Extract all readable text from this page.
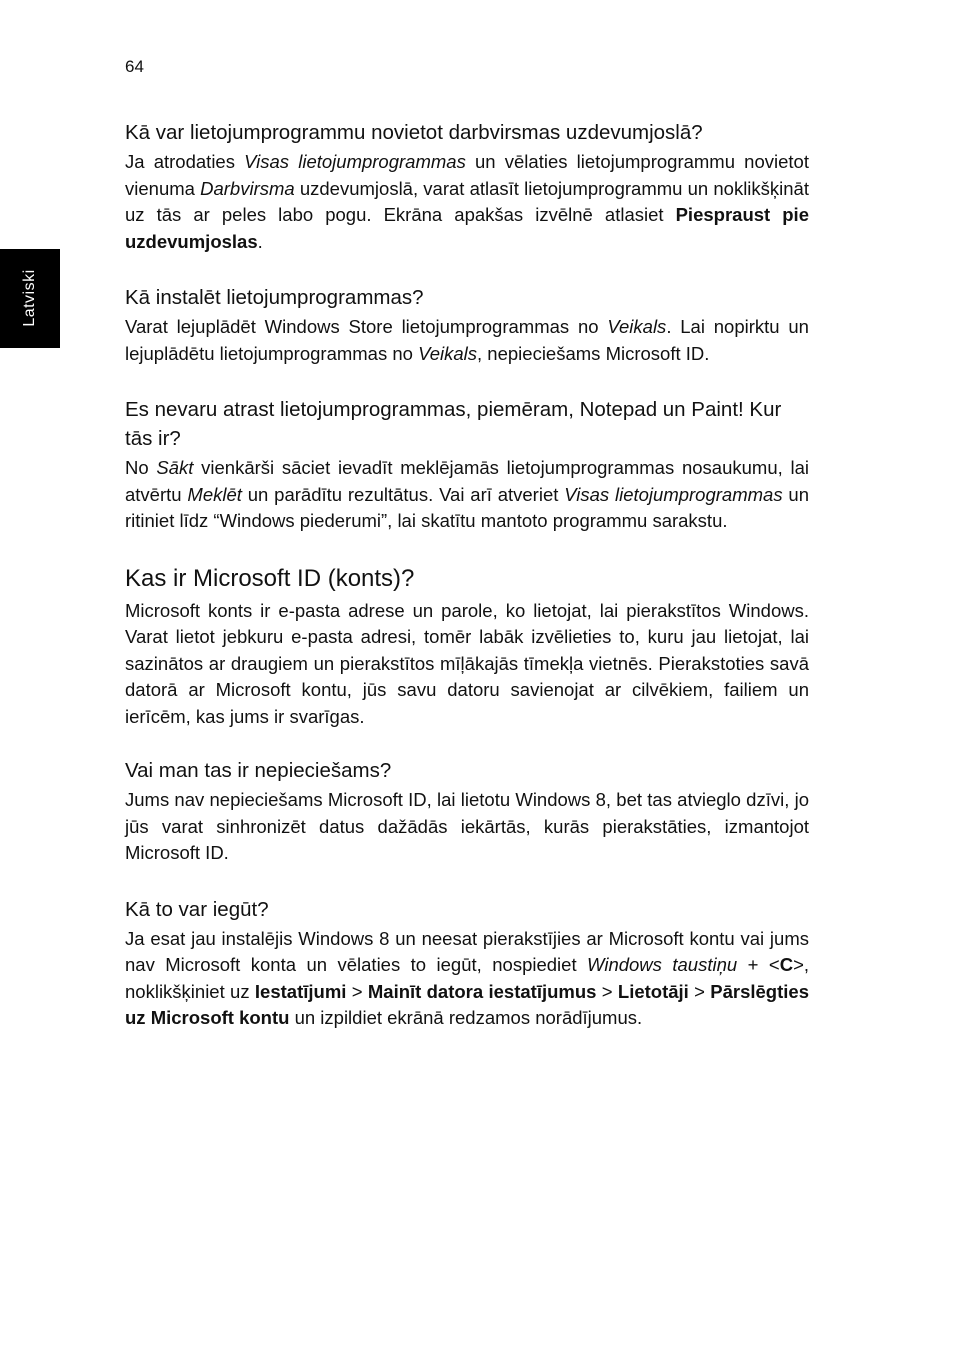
64
Latviski
Kā var lietojumprogrammu novietot darbvirsmas uzdevumjoslā?

Ja atrodaties Visas lietojumprogrammas un vēlaties lietojumprogrammu novietot vienuma Darbvirsma uzdevumjoslā, varat atlasīt lietojumprogrammu un noklikšķināt uz tās ar peles labo pogu. Ekrāna apakšas izvēlnē atlasiet Piespraust pie uzdevumjoslas.

Kā instalēt lietojumprogrammas?

Varat lejuplādēt Windows Store lietojumprogrammas no Veikals. Lai nopirktu un lejuplādētu lietojumprogrammas no Veikals, nepieciešams Microsoft ID.

Es nevaru atrast lietojumprogrammas, piemēram, Notepad un Paint! Kur tās ir?

No Sākt vienkārši sāciet ievadīt meklējamās lietojumprogrammas nosaukumu, lai atvērtu Meklēt un parādītu rezultātus. Vai arī atveriet Visas lietojumprogrammas un ritiniet līdz “Windows piederumi”, lai skatītu mantoto programmu sarakstu.

Kas ir Microsoft ID (konts)?

Microsoft konts ir e-pasta adrese un parole, ko lietojat, lai pierakstītos Windows. Varat lietot jebkuru e-pasta adresi, tomēr labāk izvēlieties to, kuru jau lietojat, lai sazinātos ar draugiem un pierakstītos mīļākajās tīmekļa vietnēs. Pierakstoties savā datorā ar Microsoft kontu, jūs savu datoru savienojat ar cilvēkiem, failiem un ierīcēm, kas jums ir svarīgas.

Vai man tas ir nepieciešams?

Jums nav nepieciešams Microsoft ID, lai lietotu Windows 8, bet tas atvieglo dzīvi, jo jūs varat sinhronizēt datus dažādās iekārtās, kurās pierakstāties, izmantojot Microsoft ID.

Kā to var iegūt?

Ja esat jau instalējis Windows 8 un neesat pierakstījies ar Microsoft kontu vai jums nav Microsoft konta un vēlaties to iegūt, nospiediet Windows taustiņu + <C>, noklikšķiniet uz Iestatījumi > Mainīt datora iestatījumus > Lietotāji > Pārslēgties uz Microsoft kontu un izpildiet ekrānā redzamos norādījumus.
